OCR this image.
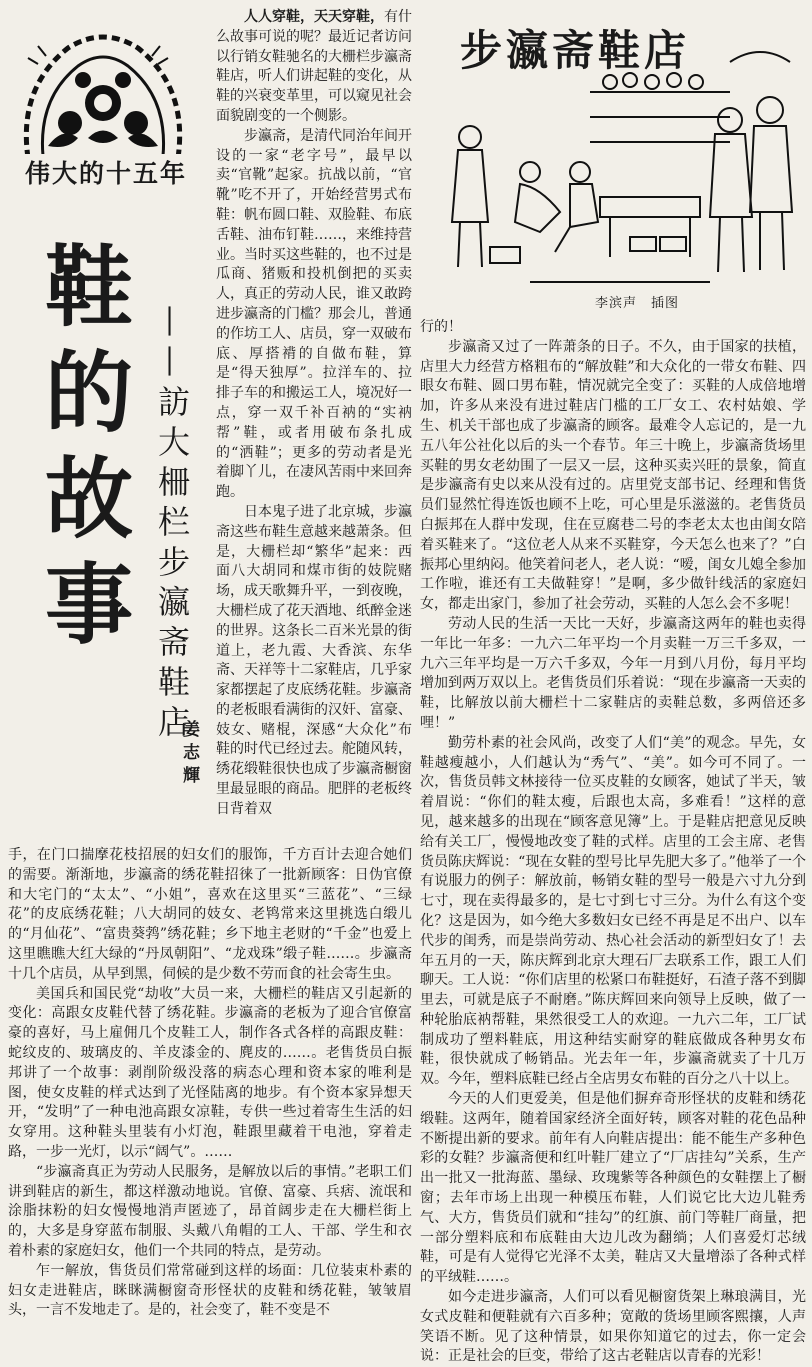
伟大的十五年
鞋的故事 ——訪大柵栏步瀛斋鞋店
姜志輝

人人穿鞋，天天穿鞋，有什么故事可说的呢？最近记者访问以行销女鞋驰名的大栅栏步瀛斋鞋店，听人们讲起鞋的变化，从鞋的兴衰变革里，可以窥见社会面貌剧变的一个侧影。

步瀛斋，是清代同治年间开设的一家“老字号”，最早以卖“官靴”起家。抗战以前，“官靴”吃不开了，开始经营男式布鞋：帆布圆口鞋、双脸鞋、布底舌鞋、油布钉鞋……，来维持营业。当时买这些鞋的，也不过是瓜商、猪贩和投机倒把的买卖人，真正的劳动人民，谁又敢跨进步瀛斋的门槛？那会儿，普通的作坊工人、店员，穿一双破布底、厚搭褙的自做布鞋，算是“得天独厚”。拉洋车的、拉排子车的和搬运工人，境况好一点，穿一双千补百衲的“实衲帮”鞋，或者用破布条扎成的“洒鞋”；更多的劳动者是光着脚丫儿，在凄风苦雨中来回奔跑。

日本鬼子进了北京城，步瀛斋这些布鞋生意越来越萧条。但是，大栅栏却“繁华”起来：西面八大胡同和煤市街的妓院赌场，成天歌舞升平，一到夜晚，大栅栏成了花天酒地、纸醉金迷的世界。这条长二百米光景的街道上，老九霞、大香滨、东华斋、天祥等十二家鞋店，几乎家家都摆起了皮底绣花鞋。步瀛斋的老板眼看满街的汉奸、富豪、妓女、赌棍，深感“大众化”布鞋的时代已经过去。舵随风转，绣花缎鞋很快也成了步瀛斋橱窗里最显眼的商品。肥胖的老板终日背着双

步瀛斋鞋店
李滨声　插图

手，在门口揣摩花枝招展的妇女们的服饰，千方百计去迎合她们的需要。渐渐地，步瀛斋的绣花鞋招徕了一批新顾客：日伪官僚和大宅门的“太太”、“小姐”，喜欢在这里买“三蓝花”、“三绿花”的皮底绣花鞋；八大胡同的妓女、老鸨常来这里挑选白缎儿的“月仙花”、“富贵葵鹁”绣花鞋；乡下地主老财的“千金”也爱上这里瞧瞧大红大绿的“丹凤朝阳”、“龙戏珠”缎子鞋……。步瀛斋十几个店员，从早到黑，伺候的是少数不劳而食的社会寄生虫。

美国兵和国民党“劫收”大员一来，大栅栏的鞋店又引起新的变化：高跟女皮鞋代替了绣花鞋。步瀛斋的老板为了迎合官僚富豪的喜好，马上雇佣几个皮鞋工人，制作各式各样的高跟皮鞋：蛇纹皮的、玻璃皮的、羊皮漆金的、麂皮的……。老售货员白振邦讲了一个故事：剥削阶级没落的病态心理和资本家的唯利是图，使女皮鞋的样式达到了光怪陆离的地步。有个资本家异想天开，“发明”了一种电池高跟女凉鞋，专供一些过着寄生生活的妇女穿用。这种鞋头里装有小灯泡，鞋跟里藏着干电池，穿着走路，一步一光灯，以示“阔气”。……

“步瀛斋真正为劳动人民服务，是解放以后的事情。”老职工们讲到鞋店的新生，都这样激动地说。官僚、富豪、兵痞、流氓和涂脂抹粉的妇女慢慢地消声匿迹了，昂首阔步走在大栅栏街上的，大多是身穿蓝布制服、头戴八角帽的工人、干部、学生和衣着朴素的家庭妇女，他们一个共同的特点，是劳动。

乍一解放，售货员们常常碰到这样的场面：几位装束朴素的妇女走进鞋店，眯眯满橱窗奇形怪状的皮鞋和绣花鞋，皱皱眉头，一言不发地走了。是的，社会变了，鞋不变是不

行的！

步瀛斋又过了一阵萧条的日子。不久，由于国家的扶植，店里大力经营方格粗布的“解放鞋”和大众化的一带女布鞋、四眼女布鞋、圆口男布鞋，情况就完全变了：买鞋的人成倍地增加，许多从来没有进过鞋店门槛的工厂女工、农村姑娘、学生、机关干部也成了步瀛斋的顾客。最难令人忘记的，是一九五八年公社化以后的头一个春节。年三十晚上，步瀛斋货场里买鞋的男女老幼围了一层又一层，这种买卖兴旺的景象，简直是步瀛斋有史以来从没有过的。店里党支部书记、经理和售货员们显然忙得连饭也顾不上吃，可心里是乐滋滋的。老售货员白振邦在人群中发现，住在豆腐巷二号的李老太太也由闺女陪着买鞋来了。“这位老人从来不买鞋穿，今天怎么也来了？”白振邦心里纳闷。他笑着问老人，老人说：“嗳，闺女儿媳全参加工作啦，谁还有工夫做鞋穿！”是啊，多少做针线活的家庭妇女，都走出家门，参加了社会劳动，买鞋的人怎么会不多呢！

劳动人民的生活一天比一天好，步瀛斋这两年的鞋也卖得一年比一年多：一九六二年平均一个月卖鞋一万三千多双，一九六三年平均是一万六千多双，今年一月到八月份，每月平均增加到两万双以上。老售货员们乐着说：“现在步瀛斋一天卖的鞋，比解放以前大栅栏十二家鞋店的卖鞋总数，多两倍还多哩！”

勤劳朴素的社会风尚，改变了人们“美”的观念。早先，女鞋越瘦越小，人们越认为“秀气”、“美”。如今可不同了。一次，售货员韩文林接待一位买皮鞋的女顾客，她试了半天，皱着眉说：“你们的鞋太瘦，后跟也太高，多难看！”这样的意见，越来越多的出现在“顾客意见簿”上。于是鞋店把意见反映给有关工厂，慢慢地改变了鞋的式样。店里的工会主席、老售货员陈庆辉说：“现在女鞋的型号比早先肥大多了。”他举了一个有说服力的例子：解放前，畅销女鞋的型号一般是六寸九分到七寸，现在卖得最多的，是七寸到七寸三分。为什么有这个变化？这是因为，如今绝大多数妇女已经不再是足不出户、以车代步的闺秀，而是崇尚劳动、热心社会活动的新型妇女了！去年五月的一天，陈庆辉到北京大理石厂去联系工作，跟工人们聊天。工人说：“你们店里的松紧口布鞋挺好，石渣子落不到脚里去，可就是底子不耐磨。”陈庆辉回来向领导上反映，做了一种轮胎底衲帮鞋，果然很受工人的欢迎。一九六二年，工厂试制成功了塑料鞋底，用这种结实耐穿的鞋底做成各种男女布鞋，很快就成了畅销品。光去年一年，步瀛斋就卖了十几万双。今年，塑料底鞋已经占全店男女布鞋的百分之八十以上。

今天的人们更爱美，但是他们摒弃奇形怪状的皮鞋和绣花缎鞋。这两年，随着国家经济全面好转，顾客对鞋的花色品种不断提出新的要求。前年有人向鞋店提出：能不能生产多种色彩的女鞋？步瀛斋便和红叶鞋厂建立了“厂店挂勾”关系，生产出一批又一批海蓝、墨绿、玫瑰紫等各种颜色的女鞋摆上了橱窗；去年市场上出现一种模压布鞋，人们说它比大边儿鞋秀气、大方，售货员们就和“挂勾”的红旗、前门等鞋厂商量，把一部分塑料底和布底鞋由大边儿改为翻绱；人们喜爱灯芯绒鞋，可是有人觉得它光泽不太美，鞋店又大量增添了各种式样的平绒鞋……。

如今走进步瀛斋，人们可以看见橱窗货架上琳琅满目，光女式皮鞋和便鞋就有六百多种；宽敞的货场里顾客熙攘，人声笑语不断。见了这种情景，如果你知道它的过去，你一定会说：正是社会的巨变，带给了这古老鞋店以青春的光彩！
